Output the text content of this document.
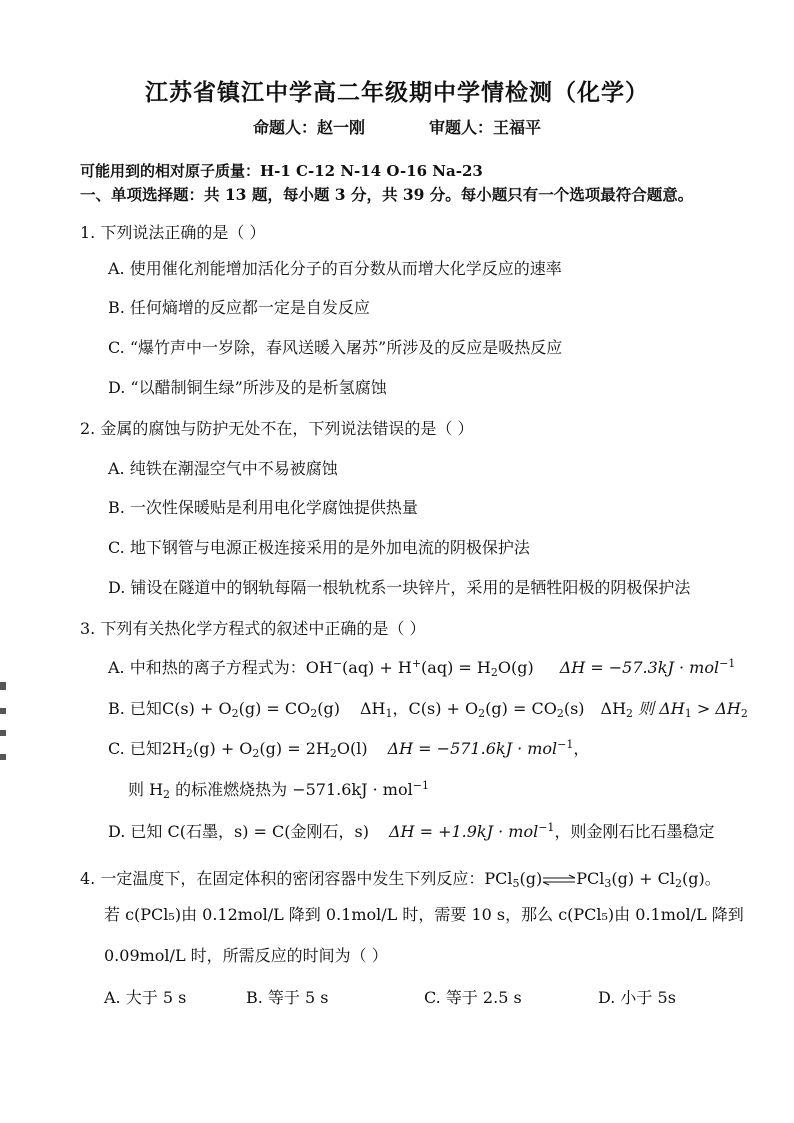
江苏省镇江中学高二年级期中学情检测（化学）
命题人：赵一刚	审题人：王福平
可能用到的相对原子质量：H-1 C-12 N-14 O-16 Na-23
一、单项选择题：共 13 题，每小题 3 分，共 39 分。每小题只有一个选项最符合题意。
1. 下列说法正确的是（ ）
A. 使用催化剂能增加活化分子的百分数从而增大化学反应的速率
B. 任何熵增的反应都一定是自发反应
C. “爆竹声中一岁除，春风送暖入屠苏”所涉及的反应是吸热反应
D. “以醋制铜生绿”所涉及的是析氢腐蚀
2. 金属的腐蚀与防护无处不在，下列说法错误的是（ ）
A. 纯铁在潮湿空气中不易被腐蚀
B. 一次性保暖贴是利用电化学腐蚀提供热量
C. 地下钢管与电源正极连接采用的是外加电流的阴极保护法
D. 铺设在隧道中的钢轨每隔一根轨枕系一块锌片，采用的是牺牲阳极的阴极保护法
3. 下列有关热化学方程式的叙述中正确的是（ ）
A. 中和热的离子方程式为：$OH^-(aq) + H^+(aq) = H_2O(g) \Delta H = -57.3kJ \cdot mol^{-1}$
B. 已知$C(s) + O_2(g) = CO_2(g)$ $\Delta H_1$，$C(s) + O_2(g) = CO_2(s)$ $\Delta H_2$ 则 $\Delta H_1 > \Delta H_2$
C. 已知$2H_2(g) + O_2(g) = 2H_2O(l) \Delta H = -571.6kJ \cdot mol^{-1}$，
则 $H_2$ 的标准燃烧热为 −571.6kJ · mol$^{-1}$
D. 已知 C(石墨，s) = C(金刚石，s) ΔH = +1.9kJ · mol$^{-1}$，则金刚石比石墨稳定
4. 一定温度下，在固定体积的密闭容器中发生下列反应：PCl$_5$(g)⇌PCl$_3$(g) + $Cl_2(g)$。
若 c(PCl₅)由 0.12mol/L 降到 0.1mol/L 时，需要 10 s，那么 c(PCl₅)由 0.1mol/L 降到
0.09mol/L 时，所需反应的时间为（ ）
A. 大于 5 s	B. 等于 5 s	C. 等于 2.5 s	D. 小于 5s
